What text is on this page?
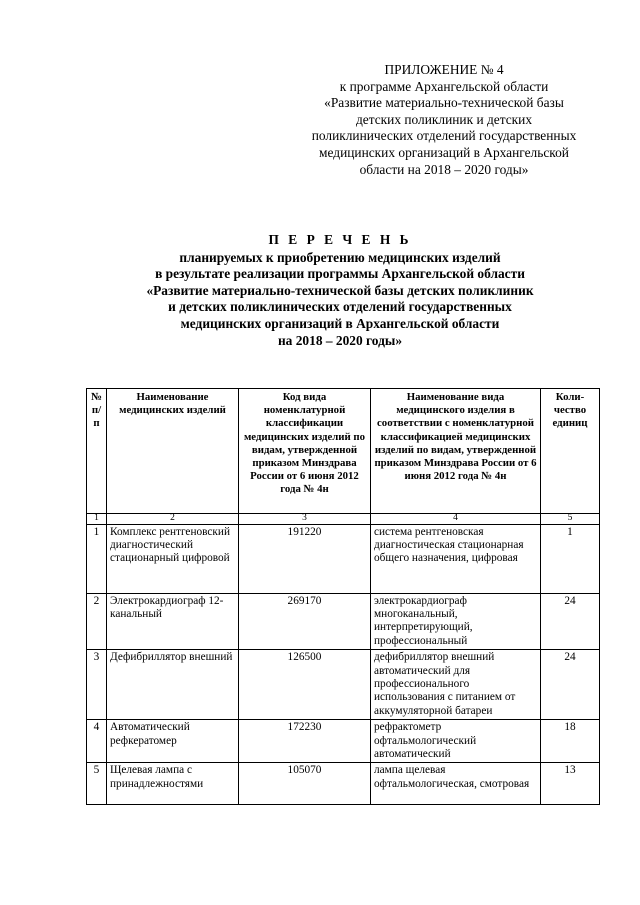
ПРИЛОЖЕНИЕ № 4
к программе Архангельской области
«Развитие материально-технической базы
детских поликлиник и детских
поликлинических отделений государственных
медицинских организаций в Архангельской
области на 2018 – 2020 годы»
П Е Р Е Ч Е Н Ь
планируемых к приобретению медицинских изделий
в результате реализации программы Архангельской области
«Развитие материально-технической базы детских поликлиник
и детских поликлинических отделений государственных
медицинских организаций в Архангельской области
на 2018 – 2020 годы»
№ п/п	Наименование медицинских изделий	Код вида номенклатурной классификации медицинских изделий по видам, утвержденной приказом Минздрава России от 6 июня 2012 года № 4н	Наименование вида медицинского изделия в соответствии с номенклатурной классификацией медицинских изделий по видам, утвержденной приказом Минздрава России от 6 июня 2012 года № 4н	Коли-чество единиц
1	2	3	4	5
1	Комплекс рентгеновский диагностический стационарный цифровой	191220	система рентгеновская диагностическая стационарная общего назначения, цифровая	1
2	Электрокардиограф 12-канальный	269170	электрокардиограф многоканальный, интерпретирующий, профессиональный	24
3	Дефибриллятор внешний	126500	дефибриллятор внешний автоматический для профессионального использования с питанием от аккумуляторной батареи	24
4	Автоматический рефкератомер	172230	рефрактометр офтальмологический автоматический	18
5	Щелевая лампа с принадлежностями	105070	лампа щелевая офтальмологическая, смотровая	13
